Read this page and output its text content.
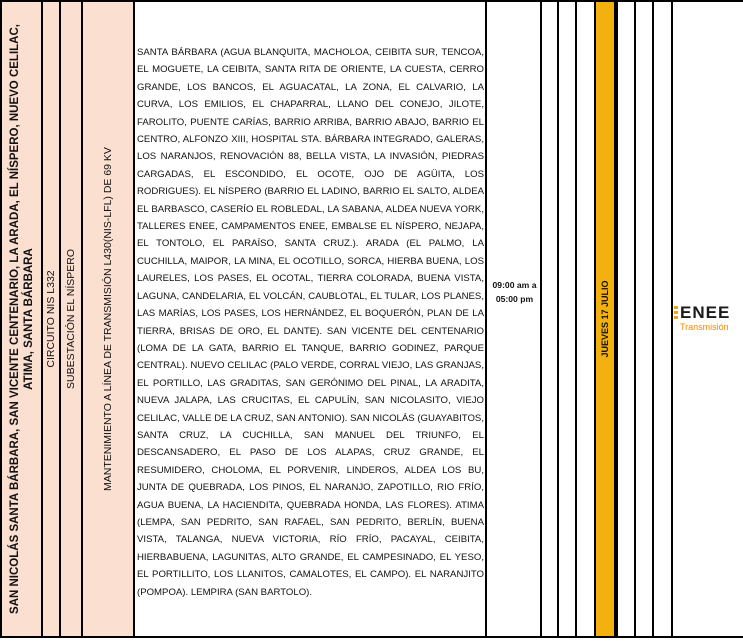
SAN NICOLÁS SANTA BÁRBARA, SAN VICENTE CENTENARIO, LA ARADA, EL NÍSPERO, NUEVO CELILAC, ATIMA, SANTA BÁRBARA CIRCUITO NIS L332 SUBESTACIÓN EL NÍSPERO MANTENIMIENTO A LÍNEA DE TRANSMISIÓN L430(NIS-LFL) DE 69 KV
SANTA BÁRBARA (AGUA BLANQUITA, MACHOLOA, CEIBITA SUR, TENCOA, EL MOGUETE, LA CEIBITA, SANTA RITA DE ORIENTE, LA CUESTA, CERRO GRANDE, LOS BANCOS, EL AGUACATAL, LA ZONA, EL CALVARIO, LA CURVA, LOS EMILIOS, EL CHAPARRAL, LLANO DEL CONEJO, JILOTE, FAROLITO, PUENTE CARÍAS, BARRIO ARRIBA, BARRIO ABAJO, BARRIO EL CENTRO, ALFONZO XIII, HOSPITAL STA. BÁRBARA INTEGRADO, GALERAS, LOS NARANJOS, RENOVACIÓN 88, BELLA VISTA, LA INVASIÓN, PIEDRAS CARGADAS, EL ESCONDIDO, EL OCOTE, OJO DE AGÜITA, LOS RODRIGUES). EL NÍSPERO (BARRIO EL LADINO, BARRIO EL SALTO, ALDEA EL BARBASCO, CASERÍO EL ROBLEDAL, LA SABANA, ALDEA NUEVA YORK, TALLERES ENEE, CAMPAMENTOS ENEE, EMBALSE EL NÍSPERO, NEJAPA, EL TONTOLO, EL PARAÍSO, SANTA CRUZ.). ARADA (EL PALMO, LA CUCHILLA, MAIPOR, LA MINA, EL OCOTILLO, SORCA, HIERBA BUENA, LOS LAURELES, LOS PASES, EL OCOTAL, TIERRA COLORADA, BUENA VISTA, LAGUNA, CANDELARIA, EL VOLCÁN, CAUBLOTAL, EL TULAR, LOS PLANES, LAS MARÍAS, LOS PASES, LOS HERNÁNDEZ, EL BOQUERÓN, PLAN DE LA TIERRA, BRISAS DE ORO, EL DANTE). SAN VICENTE DEL CENTENARIO (LOMA DE LA GATA, BARRIO EL TANQUE, BARRIO GODINEZ, PARQUE CENTRAL). NUEVO CELILAC (PALO VERDE, CORRAL VIEJO, LAS GRANJAS, EL PORTILLO, LAS GRADITAS, SAN GERÓNIMO DEL PINAL, LA ARADITA, NUEVA JALAPA, LAS CRUCITAS, EL CAPULÍN, SAN NICOLASITO, VIEJO CELILAC, VALLE DE LA CRUZ, SAN ANTONIO). SAN NICOLÁS (GUAYABITOS, SANTA CRUZ, LA CUCHILLA, SAN MANUEL DEL TRIUNFO, EL DESCANSADERO, EL PASO DE LOS ALAPAS, CRUZ GRANDE, EL RESUMIDERO, CHOLOMA, EL PORVENIR, LINDEROS, ALDEA LOS BU, JUNTA DE QUEBRADA, LOS PINOS, EL NARANJO, ZAPOTILLO, RIO FRÍO, AGUA BUENA, LA HACIENDITA, QUEBRADA HONDA, LAS FLORES). ATIMA (LEMPA, SAN PEDRITO, SAN RAFAEL, SAN PEDRITO, BERLÍN, BUENA VISTA, TALANGA, NUEVA VICTORIA, RÍO FRÍO, PACAYAL, CEIBITA, HIERBABUENA, LAGUNITAS, ALTO GRANDE, EL CAMPESINADO, EL YESO, EL PORTILLITO, LOS LLANITOS, CAMALOTES, EL CAMPO). EL NARANJITO (POMPOA). LEMPIRA (SAN BARTOLO).
09:00 am a
05:00 pm	JUEVES 17 JULIO	ENEE
Transmisión
